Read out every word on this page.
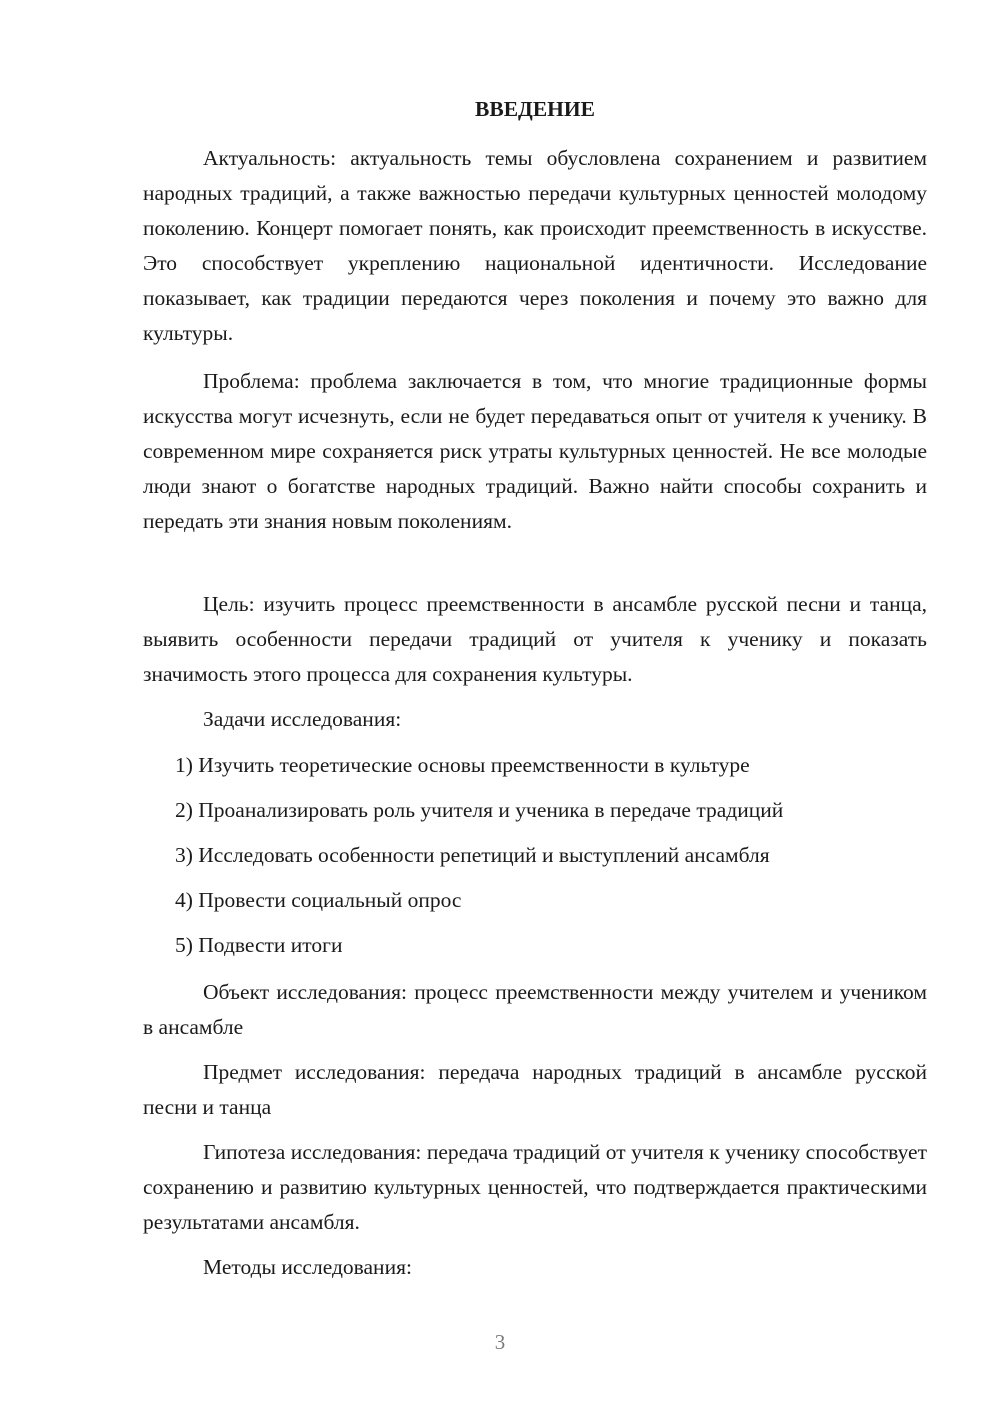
ВВЕДЕНИЕ

Актуальность: актуальность темы обусловлена сохранением и развитием народных традиций, а также важностью передачи культурных ценностей молодому поколению. Концерт помогает понять, как происходит преемственность в искусстве. Это способствует укреплению национальной идентичности. Исследование показывает, как традиции передаются через поколения и почему это важно для культуры.

Проблема: проблема заключается в том, что многие традиционные формы искусства могут исчезнуть, если не будет передаваться опыт от учителя к ученику. В современном мире сохраняется риск утраты культурных ценностей. Не все молодые люди знают о богатстве народных традиций. Важно найти способы сохранить и передать эти знания новым поколениям.

Цель: изучить процесс преемственности в ансамбле русской песни и танца, выявить особенности передачи традиций от учителя к ученику и показать значимость этого процесса для сохранения культуры.

Задачи исследования:

1) Изучить теоретические основы преемственности в культуре

2) Проанализировать роль учителя и ученика в передаче традиций

3) Исследовать особенности репетиций и выступлений ансамбля

4) Провести социальный опрос

5) Подвести итоги

Объект исследования: процесс преемственности между учителем и учеником в ансамбле

Предмет исследования: передача народных традиций в ансамбле русской песни и танца

Гипотеза исследования: передача традиций от учителя к ученику способствует сохранению и развитию культурных ценностей, что подтверждается практическими результатами ансамбля.

Методы исследования:

3
